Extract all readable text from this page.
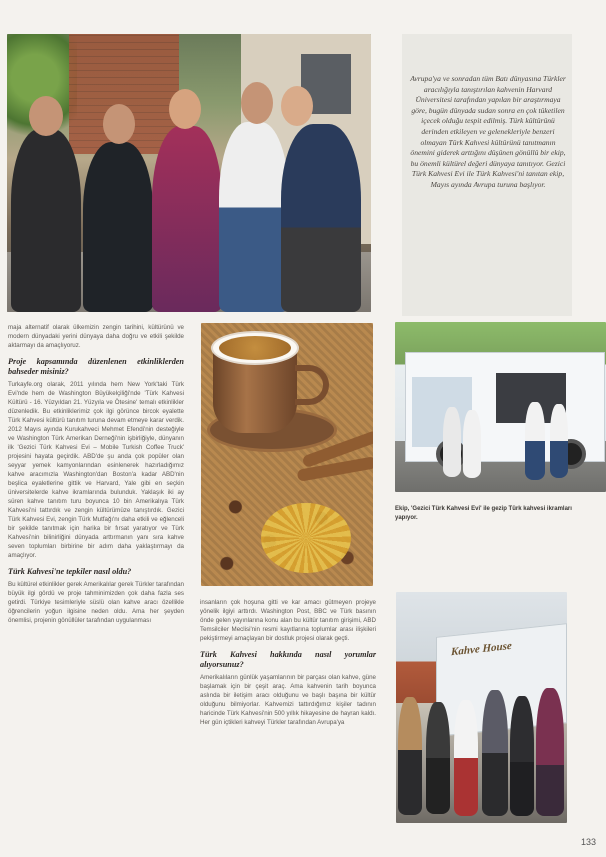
Avrupa'ya ve sonradan tüm Batı dünyasına Türkler aracılığıyla tanıştırılan kahvenin Harvard Üniversitesi tarafından yapılan bir araştırmaya göre, bugün dünyada sudan sonra en çok tüketilen içecek olduğu tespit edilmiş. Türk kültürünü derinden etkileyen ve gelenekleriyle benzeri olmayan Türk Kahvesi kültürünü tanıtmanın önemini giderek arttığını düşünen gönüllü bir ekip, bu önemli kültürel değeri dünyaya tanıtıyor. Gezici Türk Kahvesi Evi ile Türk Kahvesi'ni tanıtan ekip, Mayıs ayında Avrupa turuna başlıyor.

maja alternatif olarak ülkemizin zengin tarihini, kültürünü ve modern dünyadaki yerini dünyaya daha doğru ve etkili şekilde aktarmayı da amaçlıyoruz.

Proje kapsamında düzenlenen etkinliklerden bahseder misiniz?

Turkayfe.org olarak, 2011 yılında hem New York'taki Türk Evi'nde hem de Washington Büyükelçiliği'nde 'Türk Kahvesi Kültürü - 16. Yüzyıldan 21. Yüzyıla ve Ötesine' temalı etkinlikler düzenledik. Bu etkinliklerimiz çok ilgi görünce bircok eyalette Türk Kahvesi kültürü tanıtım turuna devam etmeye karar verdik. 2012 Mayıs ayında Kurukahveci Mehmet Efendi'nin desteğiyle ve Washington Türk Amerikan Derneği'nin işbirliğiyle, dünyanın ilk 'Gezici Türk Kahvesi Evi – Mobile Turkish Coffee Truck' projesini hayata geçirdik. ABD'de şu anda çok popüler olan seyyar yemek kamyonlarından esinlenerek hazırladığımız kahve aracımızla Washington'dan Boston'a kadar ABD'nin beşlica eyaletlerine gittik ve Harvard, Yale gibi en seçkin üniversitelerde kahve ikramlarında bulunduk. Yaklaşık iki ay süren kahve tanıtım turu boyunca 10 bin Amerikalıya Türk Kahvesi'ni tattırdık ve zengin kültürümüze tanıştırdık. Gezici Türk Kahvesi Evi, zengin Türk Mutfağı'nı daha etkili ve eğlenceli bir şekilde tanıtmak için harika bir fırsat yaratıyor ve Türk Kahvesi'nin bilinirliğini dünyada arttırmanın yanı sıra kahve seven toplumları birbirine bir adım daha yaklaştırmayı da amaçlıyor.

Türk Kahvesi'ne tepkiler nasıl oldu?

Bu kültürel etkinlikler gerek Amerikalılar gerek Türkler tarafından büyük ilgi gördü ve proje tahminimizden çok daha fazla ses getirdi. Türkiye tesimleriyle süslü olan kahve aracı özellikle öğrencilerin yoğun ilgisine neden oldu. Ama her şeyden önemlisi, projenin gönüllüler tarafından uygulanması

insanların çok hoşuna gitti ve kar amacı gütmeyen projeye yönelik ilgiyi arttırdı. Washington Post, BBC ve Türk basının önde gelen yayınlarına konu alan bu kültür tanıtım girişimi, ABD Temsilciler Meclisi'nin resmi kayıtlarına toplumlar arası ilişkileri pekiştirmeyi amaçlayan bir dostluk projesi olarak geçti.

Türk Kahvesi hakkında nasıl yorumlar alıyorsunuz?

Amerikalıların günlük yaşamlarının bir parçası olan kahve, güne başlamak için bir çeşit araç. Ama kahvenin tarih boyunca aslında bir iletişim aracı olduğunu ve başlı başına bir kültür olduğunu bilmiyorlar. Kahvemizi tattırdığımız kişiler tadının haricinde Türk Kahvesi'nin 500 yıllık hikayesine de hayran kaldı. Her gün içtikleri kahveyi Türkler tarafından Avrupa'ya

Ekip, 'Gezici Türk Kahvesi Evi' ile gezip Türk kahvesi ikramları yapıyor.
Kahve House
133
